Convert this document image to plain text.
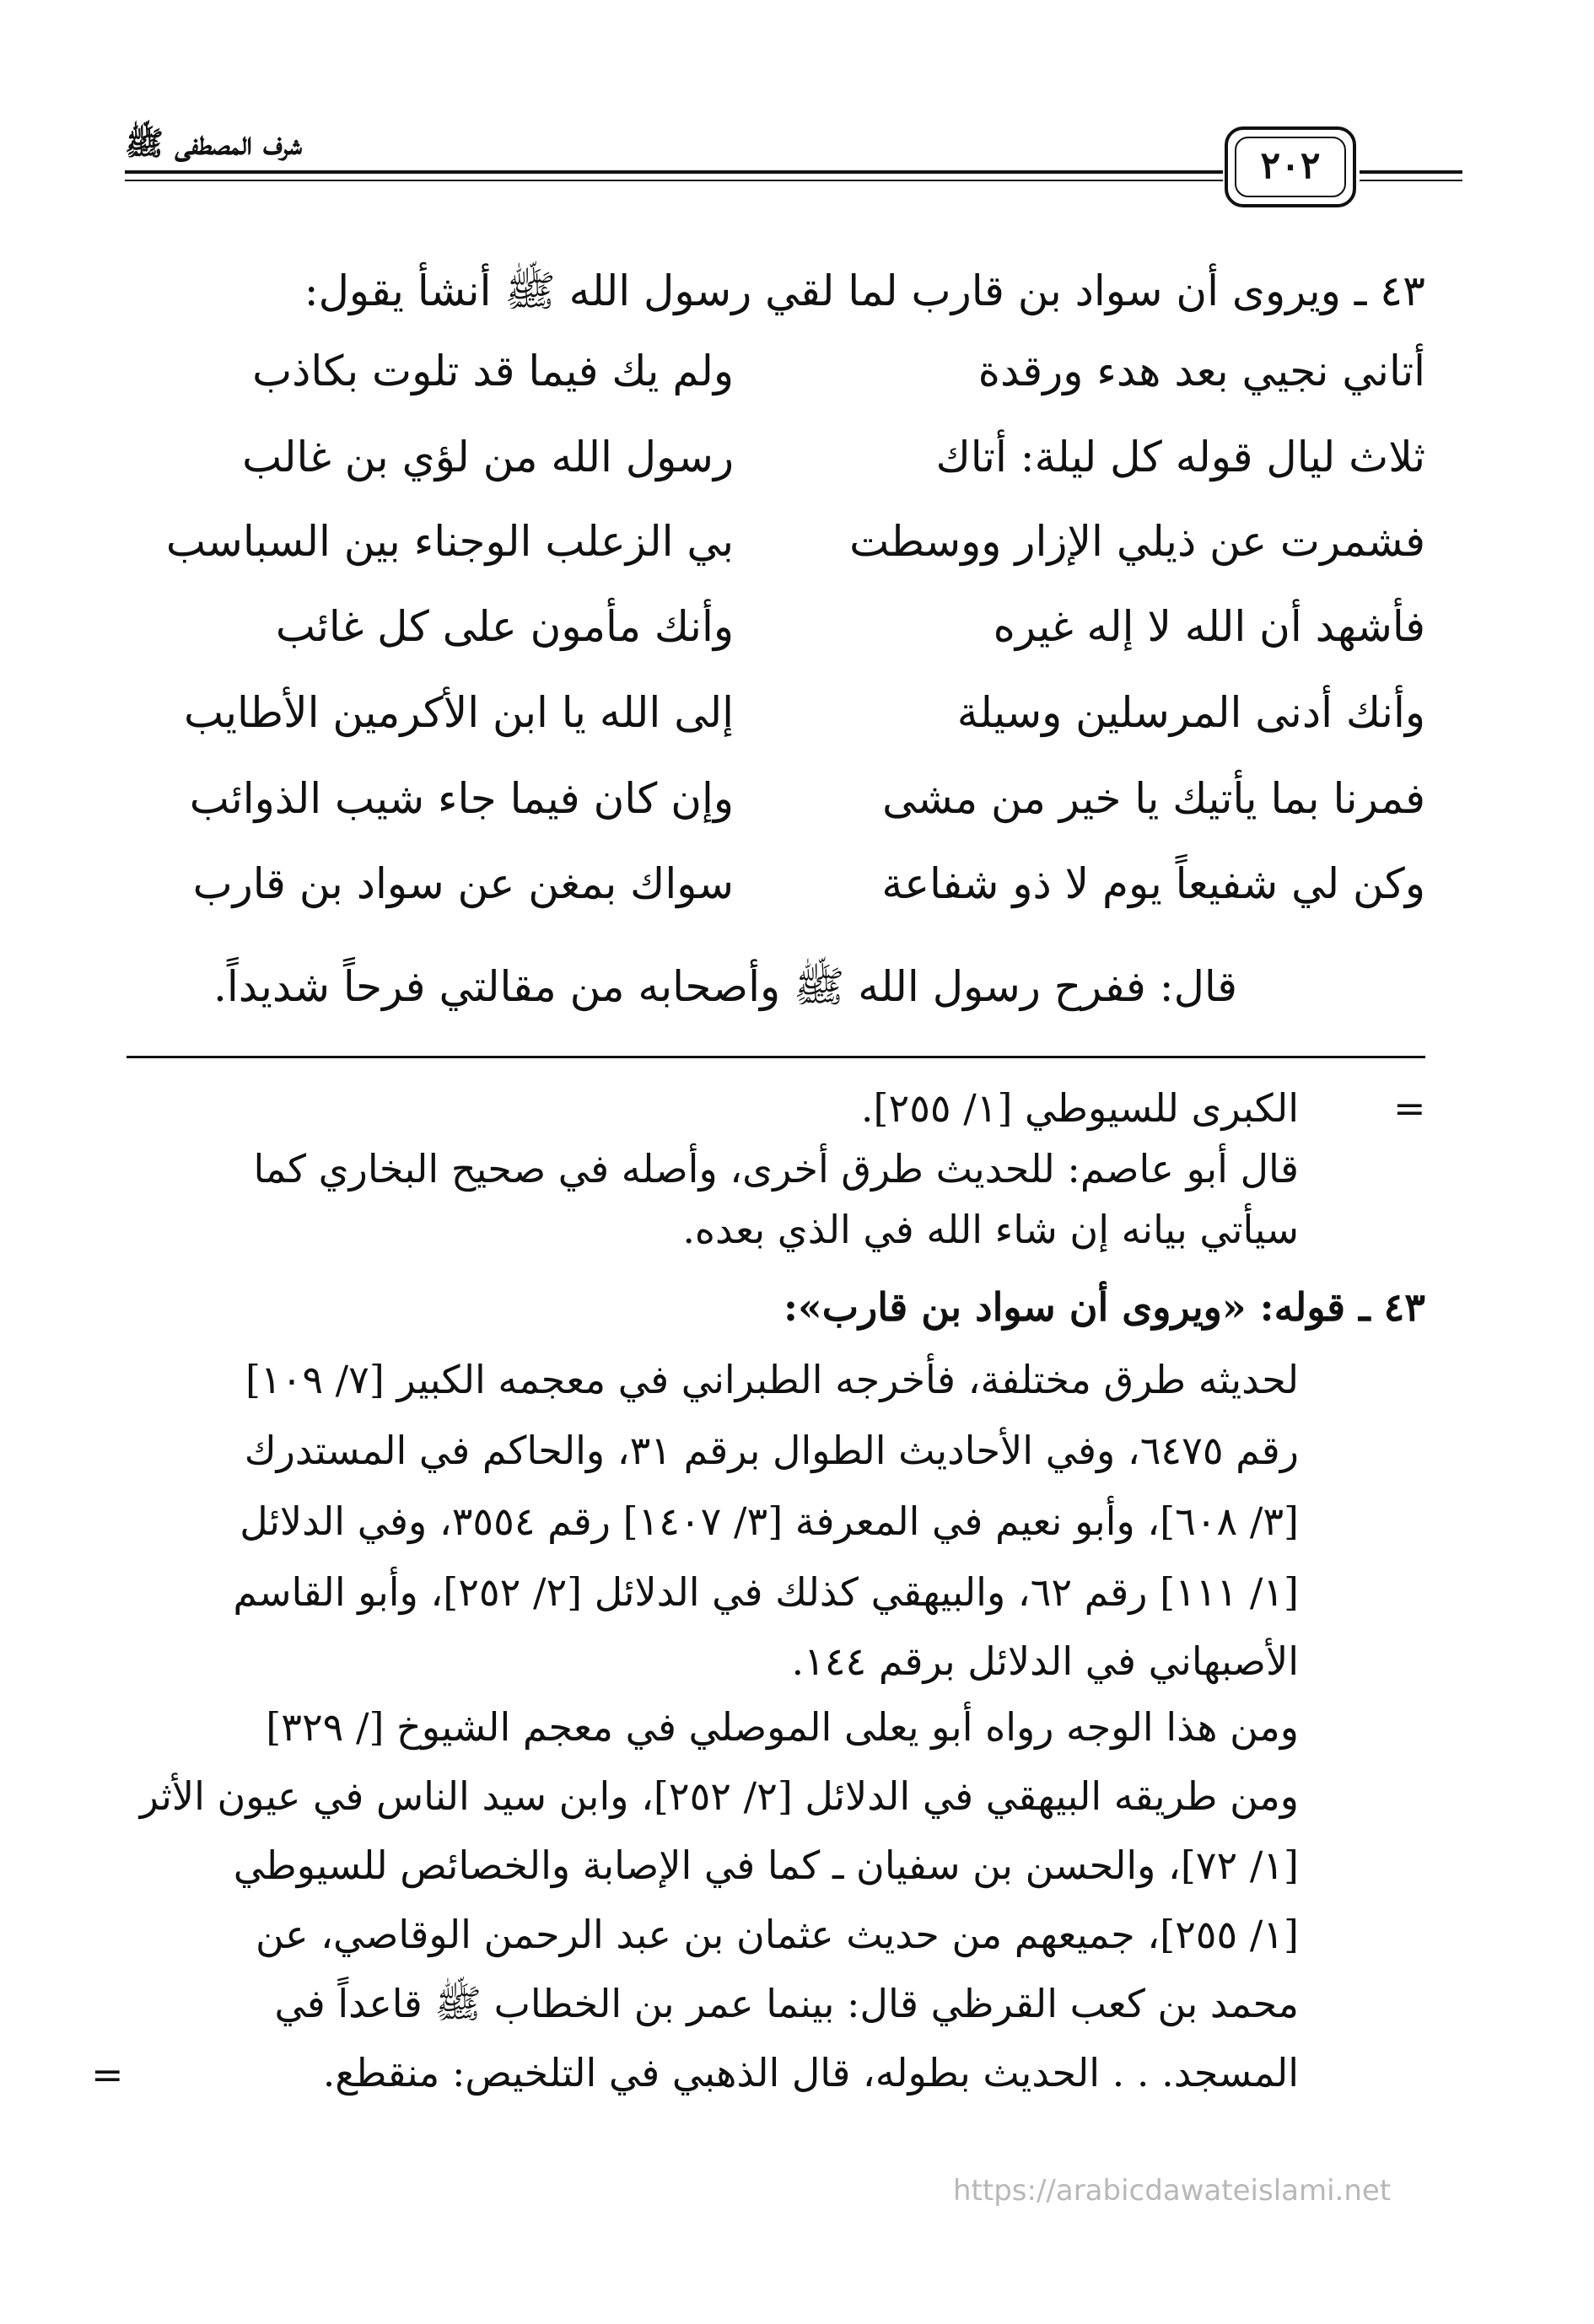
شرف المصطفى ﷺ
٢٠٢
٤٣ ـ ويروى أن سواد بن قارب لما لقي رسول الله ﷺ أنشأ يقول:
أتاني نجيي بعد هدء ورقدة
ولم يك فيما قد تلوت بكاذب
ثلاث ليال قوله كل ليلة: أتاك
رسول الله من لؤي بن غالب
فشمرت عن ذيلي الإزار ووسطت
بي الزعلب الوجناء بين السباسب
فأشهد أن الله لا إله غيره
وأنك مأمون على كل غائب
وأنك أدنى المرسلين وسيلة
إلى الله يا ابن الأكرمين الأطايب
فمرنا بما يأتيك يا خير من مشى
وإن كان فيما جاء شيب الذوائب
وكن لي شفيعاً يوم لا ذو شفاعة
سواك بمغن عن سواد بن قارب
قال: ففرح رسول الله ﷺ وأصحابه من مقالتي فرحاً شديداً.
=
الكبرى للسيوطي [١/ ٢٥٥].
قال أبو عاصم: للحديث طرق أخرى، وأصله في صحيح البخاري كما
سيأتي بيانه إن شاء الله في الذي بعده.
٤٣ ـ قوله: «ويروى أن سواد بن قارب»:
لحديثه طرق مختلفة، فأخرجه الطبراني في معجمه الكبير [٧/ ١٠٩]
رقم ٦٤٧٥، وفي الأحاديث الطوال برقم ٣١، والحاكم في المستدرك
[٣/ ٦٠٨]، وأبو نعيم في المعرفة [٣/ ١٤٠٧] رقم ٣٥٥٤، وفي الدلائل
[١/ ١١١] رقم ٦٢، والبيهقي كذلك في الدلائل [٢/ ٢٥٢]، وأبو القاسم
الأصبهاني في الدلائل برقم ١٤٤.
ومن هذا الوجه رواه أبو يعلى الموصلي في معجم الشيوخ [/ ٣٢٩]
ومن طريقه البيهقي في الدلائل [٢/ ٢٥٢]، وابن سيد الناس في عيون الأثر
[١/ ٧٢]، والحسن بن سفيان ـ كما في الإصابة والخصائص للسيوطي
[١/ ٢٥٥]، جميعهم من حديث عثمان بن عبد الرحمن الوقاصي، عن
محمد بن كعب القرظي قال: بينما عمر بن الخطاب ﷺ قاعداً في
المسجد. . . الحديث بطوله، قال الذهبي في التلخيص: منقطع.
=
https://arabicdawateislami.net
